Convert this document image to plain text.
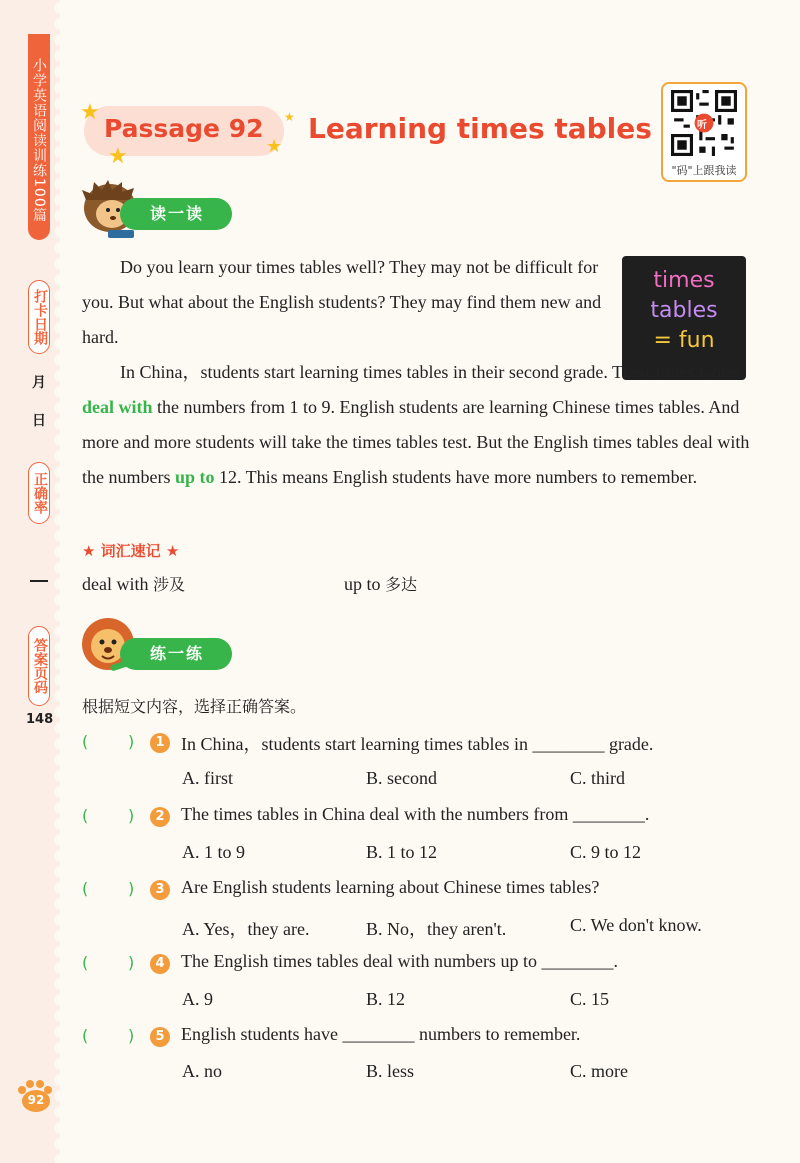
小学英语阅读训练100篇
打卡日期
月
日
正确率
答案页码
148
92
★
★	★
★
Passage 92 Learning times tables	听
"码"上跟我读
读一读
Do you learn your times tables well? They may not be difficult for you. But what about the English students? They may find them new and hard.
times
tables
= fun
In China，students start learning times tables in their second grade. Their times tables deal with the numbers from 1 to 9. English students are learning Chinese times tables. And more and more students will take the times tables test. But the English times tables deal with the numbers up to 12. This means English students have more numbers to remember.
★ 词汇速记 ★
deal with 涉及	up to 多达
练一练
根据短文内容，选择正确答案。
( )	1 In China，students start learning times tables in ________ grade.
A. first	B. second	C. third
( )	2 The times tables in China deal with the numbers from ________.
A. 1 to 9	B. 1 to 12	C. 9 to 12
( )	3 Are English students learning about Chinese times tables?
A. Yes，they are.	B. No，they aren't.	C. We don't know.
( )	4 The English times tables deal with numbers up to ________.
A. 9	B. 12	C. 15
( )	5 English students have ________ numbers to remember.
A. no	B. less	C. more
